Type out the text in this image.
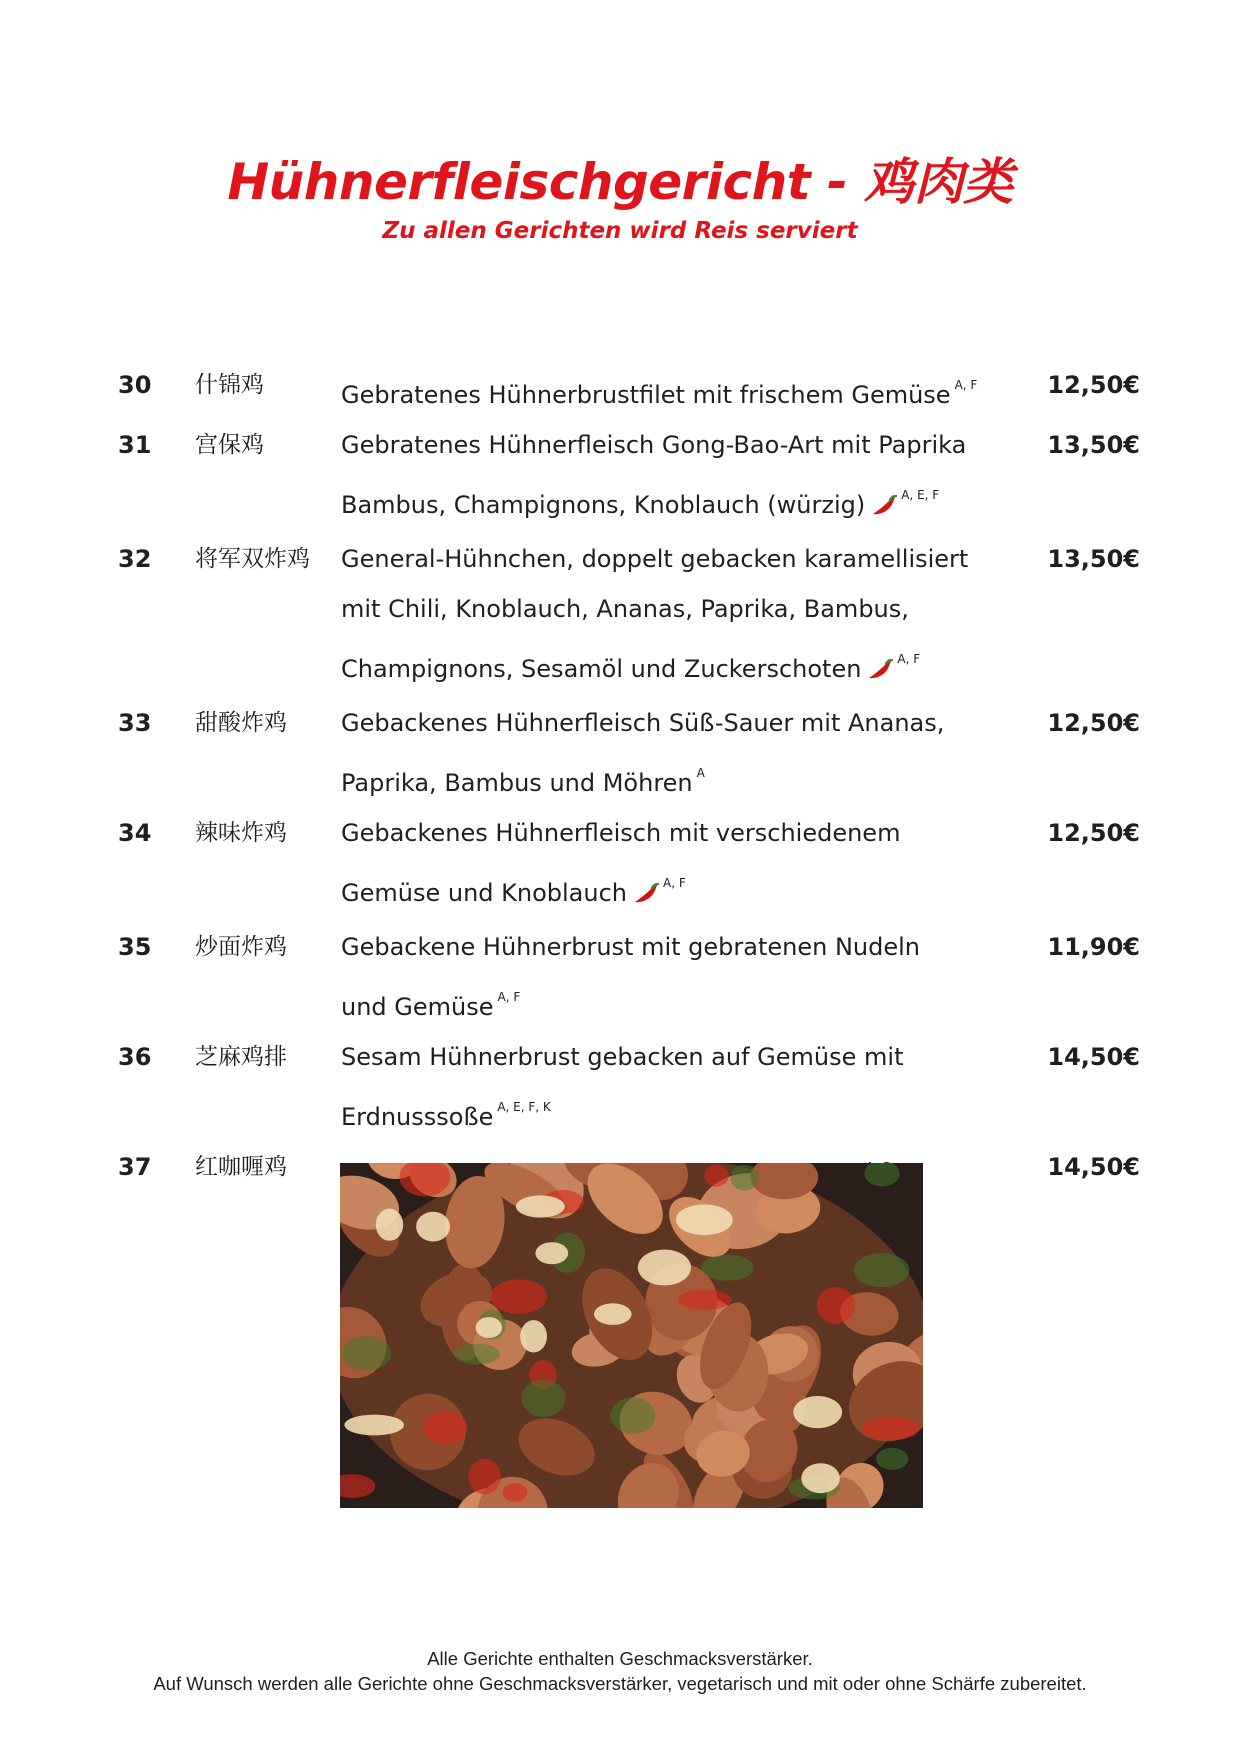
Hühnerfleischgericht - 鸡肉类
Zu allen Gerichten wird Reis serviert
30	什锦鸡	Gebratenes Hühnerbrustfilet mit frischem Gemüse $^{A, F}$	12,50€
31	宫保鸡	Gebratenes Hühnerfleisch Gong-Bao-Art mit Paprika
Bambus, Champignons, Knoblauch (würzig)	$^{A, E, F}$
13,50€
32	将军双炸鸡	General-Hühnchen, doppelt gebacken karamellisiert
mit Chili, Knoblauch, Ananas, Paprika, Bambus,
Champignons, Sesamöl und Zuckerschoten	$^{A, F}$
13,50€
33	甜酸炸鸡	Gebackenes Hühnerfleisch Süß-Sauer mit Ananas,
Paprika, Bambus und Möhren $^A$
12,50€
34	辣味炸鸡	Gebackenes Hühnerfleisch mit verschiedenem
Gemüse und Knoblauch	$^{A, F}$
12,50€
35	炒面炸鸡	Gebackene Hühnerbrust mit gebratenen Nudeln
und Gemüse $^{A, F}$
11,90€
36	芝麻鸡排	Sesam Hühnerbrust gebacken auf Gemüse mit
Erdnusssoße $^{A, E, F, K}$
14,50€
37	红咖喱鸡	14,50€
Alle Gerichte enthalten Geschmacksverstärker.
Auf Wunsch werden alle Gerichte ohne Geschmacksverstärker, vegetarisch und mit oder ohne Schärfe zubereitet.
